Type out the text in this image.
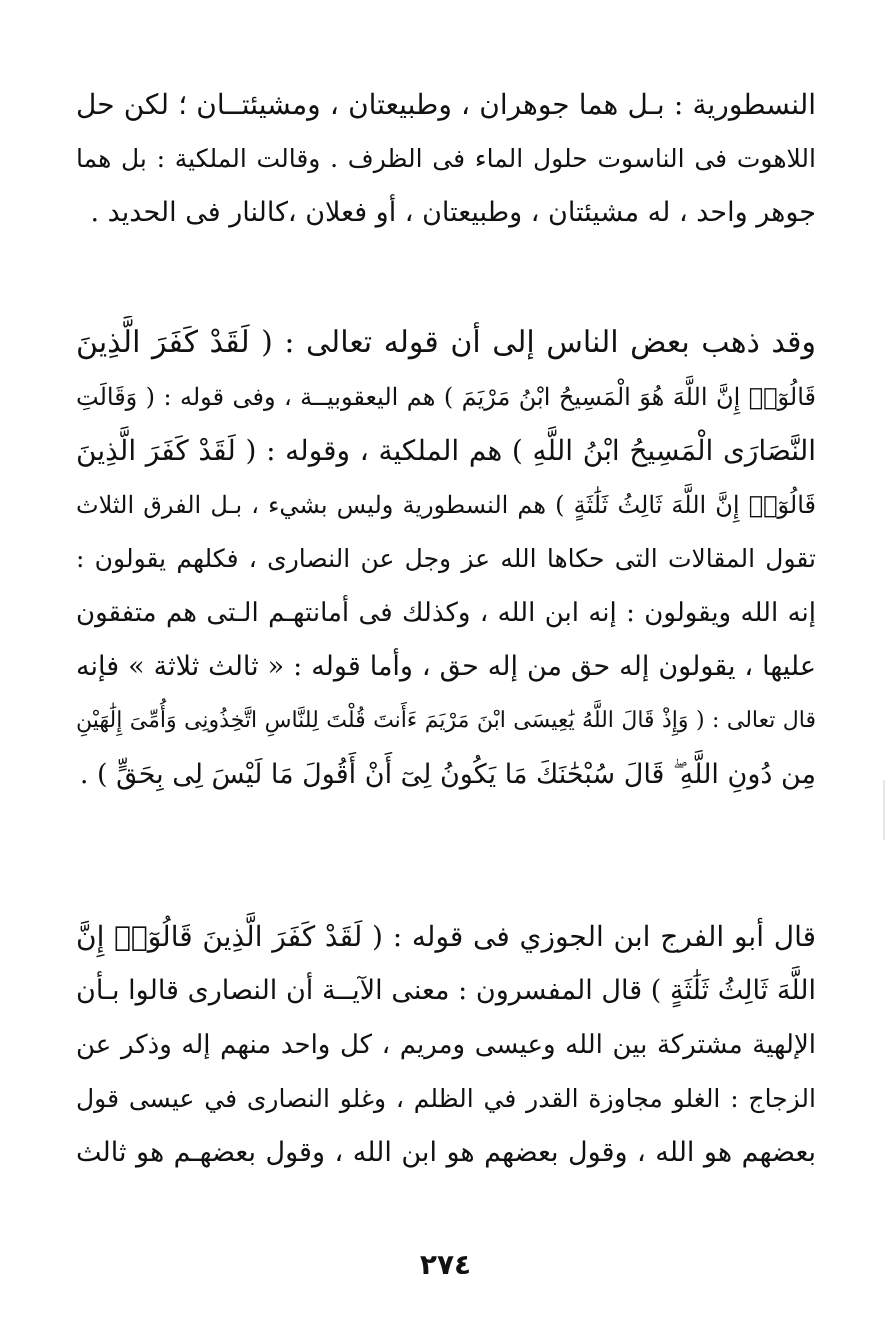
النسطورية : بـل هما جوهران ، وطبيعتان ، ومشيئتــان ؛ لكن حل
اللاهوت فى الناسوت حلول الماء فى الظرف . وقالت الملكية : بل هما
جوهر واحد ، له مشيئتان ، وطبيعتان ، أو فعلان ،كالنار فى الحديد .
وقد ذهب بعض الناس إلى أن قوله تعالى : ( لَقَدْ كَفَرَ الَّذِينَ
قَالُوٓا۟ إِنَّ اللَّهَ هُوَ الْمَسِيحُ ابْنُ مَرْيَمَ ) هم اليعقوبيــة ، وفى قوله : ( وَقَالَتِ
النَّصَارَى الْمَسِيحُ ابْنُ اللَّهِ ) هم الملكية ، وقوله : ( لَقَدْ كَفَرَ الَّذِينَ
قَالُوٓا۟ إِنَّ اللَّهَ ثَالِثُ ثَلَٰثَةٍ ) هم النسطورية وليس بشيء ، بـل الفرق الثلاث
تقول المقالات التى حكاها الله عز وجل عن النصارى ، فكلهم يقولون :
إنه الله ويقولون : إنه ابن الله ، وكذلك فى أمانتهـم الـتى هم متفقون
عليها ، يقولون إله حق من إله حق ، وأما قوله : « ثالث ثلاثة » فإنه
قال تعالى : ( وَإِذْ قَالَ اللَّهُ يَٰعِيسَى ابْنَ مَرْيَمَ ءَأَنتَ قُلْتَ لِلنَّاسِ اتَّخِذُونِى وَأُمِّىَ إِلَٰهَيْنِ
مِن دُونِ اللَّهِ ۖ قَالَ سُبْحَٰنَكَ مَا يَكُونُ لِىٓ أَنْ أَقُولَ مَا لَيْسَ لِى بِحَقٍّ ) .
قال أبو الفرج ابن الجوزي فى قوله : ( لَقَدْ كَفَرَ الَّذِينَ قَالُوٓا۟ إِنَّ
اللَّهَ ثَالِثُ ثَلَٰثَةٍ ) قال المفسرون : معنى الآيــة أن النصارى قالوا بـأن
الإلهية مشتركة بين الله وعيسى ومريم ، كل واحد منهم إله وذكر عن
الزجاج : الغلو مجاوزة القدر في الظلم ، وغلو النصارى في عيسى قول
بعضهم هو الله ، وقول بعضهم هو ابن الله ، وقول بعضهـم هو ثالث
٢٧٤
